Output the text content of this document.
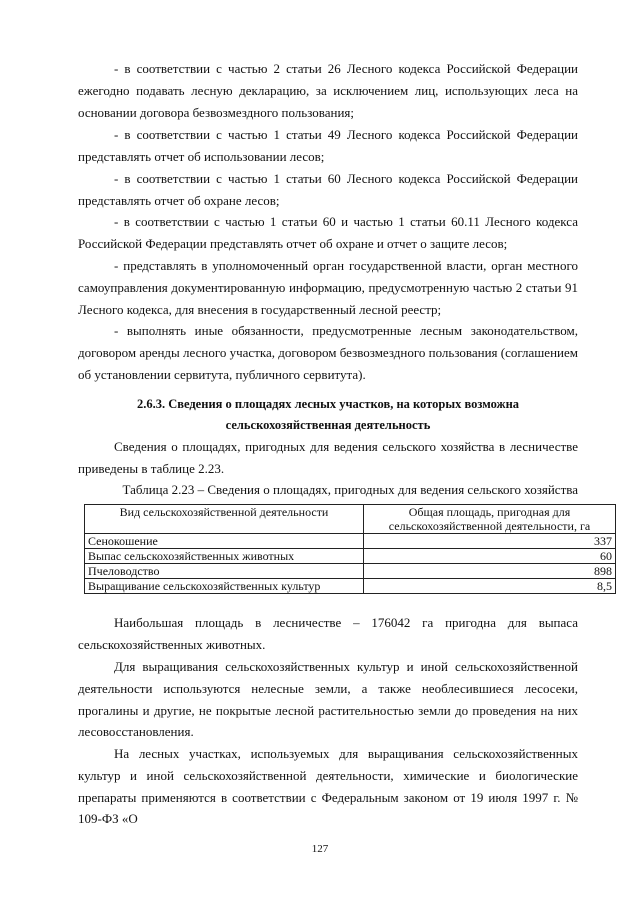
- в соответствии с частью 2 статьи 26 Лесного кодекса Российской Федерации ежегодно подавать лесную декларацию, за исключением лиц, использующих леса на основании договора безвозмездного пользования;

- в соответствии с частью 1 статьи 49 Лесного кодекса Российской Федерации представлять отчет об использовании лесов;

- в соответствии с частью 1 статьи 60 Лесного кодекса Российской Федерации представлять отчет об охране лесов;

- в соответствии с частью 1 статьи 60 и частью 1 статьи 60.11 Лесного кодекса Российской Федерации представлять отчет об охране и отчет о защите лесов;

- представлять в уполномоченный орган государственной власти, орган местного самоуправления документированную информацию, предусмотренную частью 2 статьи 91 Лесного кодекса, для внесения в государственный лесной реестр;

- выполнять иные обязанности, предусмотренные лесным законодательством, договором аренды лесного участка, договором безвозмездного пользования (соглашением об установлении сервитута, публичного сервитута).

2.6.3. Сведения о площадях лесных участков, на которых возможна

сельскохозяйственная деятельность

Сведения о площадях, пригодных для ведения сельского хозяйства в лесничестве приведены в таблице 2.23.

Таблица 2.23 – Сведения о площадях, пригодных для ведения сельского хозяйства

Вид сельскохозяйственной деятельности	Общая площадь, пригодная для сельскохозяйственной деятельности, га
Сенокошение	337
Выпас сельскохозяйственных животных	60
Пчеловодство	898
Выращивание сельскохозяйственных культур	8,5

Наибольшая площадь в лесничестве – 176042 га пригодна для выпаса сельскохозяйственных животных.

Для выращивания сельскохозяйственных культур и иной сельскохозяйственной деятельности используются нелесные земли, а также необлесившиеся лесосеки, прогалины и другие, не покрытые лесной растительностью земли до проведения на них лесовосстановления.

На лесных участках, используемых для выращивания сельскохозяйственных культур и иной сельскохозяйственной деятельности, химические и биологические препараты применяются в соответствии с Федеральным законом от 19 июля 1997 г. № 109-ФЗ «О

127
